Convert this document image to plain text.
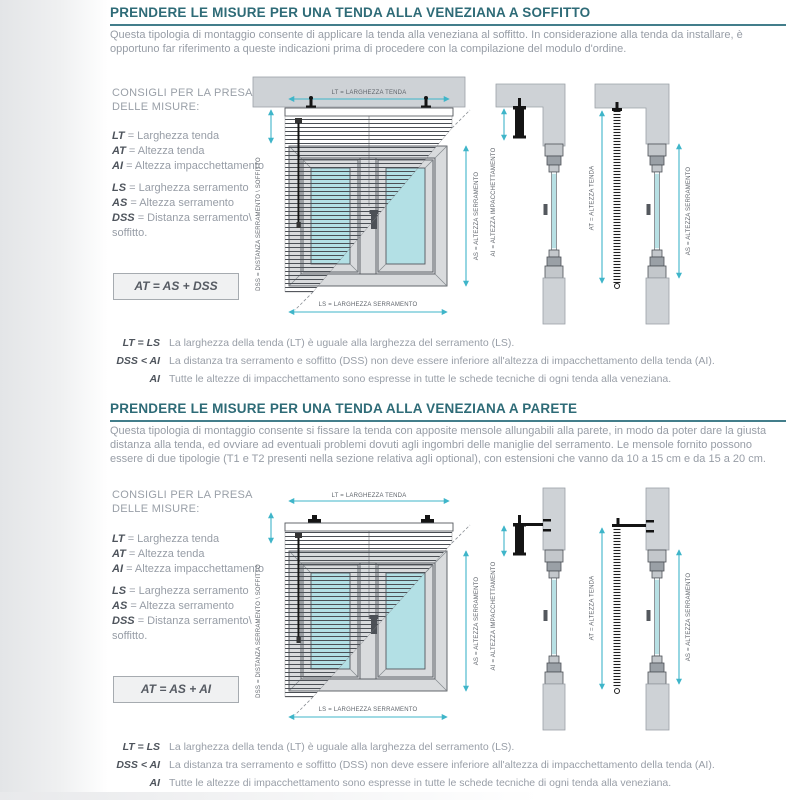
PRENDERE LE MISURE PER UNA TENDA ALLA VENEZIANA A SOFFITTO

Questa tipologia di montaggio consente di applicare la tenda alla veneziana al soffitto. In considerazione alla tenda da installare, è opportuno far riferimento a queste indicazioni prima di procedere con la compilazione del modulo d'ordine.

CONSIGLI PER LA PRESA DELLE MISURE:
LT = Larghezza tenda
AT = Altezza tenda
AI = Altezza impacchettamento
LS = Larghezza serramento
AS = Altezza serramento
DSS = Distanza serramento\ soffitto.
AT = AS + DSS
LT = LARGHEZZA TENDA
DSS = DISTANZA SERRAMENTO \ SOFFITTO	AS = ALTEZZA SERRAMENTO
LS = LARGHEZZA SERRAMENTO
AI = ALTEZZA IMPACCHETTAMENTO	AT = ALTEZZA TENDA	AS = ALTEZZA SERRAMENTO
LT = LS La larghezza della tenda (LT) è uguale alla larghezza del serramento (LS).
DSS < AI La distanza tra serramento e soffitto (DSS) non deve essere inferiore all'altezza di impacchettamento della tenda (AI).
AI Tutte le altezze di impacchettamento sono espresse in tutte le schede tecniche di ogni tenda alla veneziana.
PRENDERE LE MISURE PER UNA TENDA ALLA VENEZIANA A PARETE

Questa tipologia di montaggio consente si fissare la tenda con apposite mensole allungabili alla parete, in modo da poter dare la giusta distanza alla tenda, ed ovviare ad eventuali problemi dovuti agli ingombri delle maniglie del serramento. Le mensole fornito possono essere di due tipologie (T1 e T2 presenti nella sezione relativa agli optional), con estensioni che vanno da 10 a 15 cm e da 15 a 20 cm.

CONSIGLI PER LA PRESA DELLE MISURE:
LT = Larghezza tenda
AT = Altezza tenda
AI = Altezza impacchettamento
LS = Larghezza serramento
AS = Altezza serramento
DSS = Distanza serramento\ soffitto.
AT = AS + AI
LT = LARGHEZZA TENDA
DSS = DISTANZA SERRAMENTO \ SOFFITTO	AS = ALTEZZA SERRAMENTO
LS = LARGHEZZA SERRAMENTO
AI = ALTEZZA IMPACCHETTAMENTO	AT = ALTEZZA TENDA	AS = ALTEZZA SERRAMENTO
LT = LS La larghezza della tenda (LT) è uguale alla larghezza del serramento (LS).
DSS < AI La distanza tra serramento e soffitto (DSS) non deve essere inferiore all'altezza di impacchettamento della tenda (AI).
AI Tutte le altezze di impacchettamento sono espresse in tutte le schede tecniche di ogni tenda alla veneziana.
